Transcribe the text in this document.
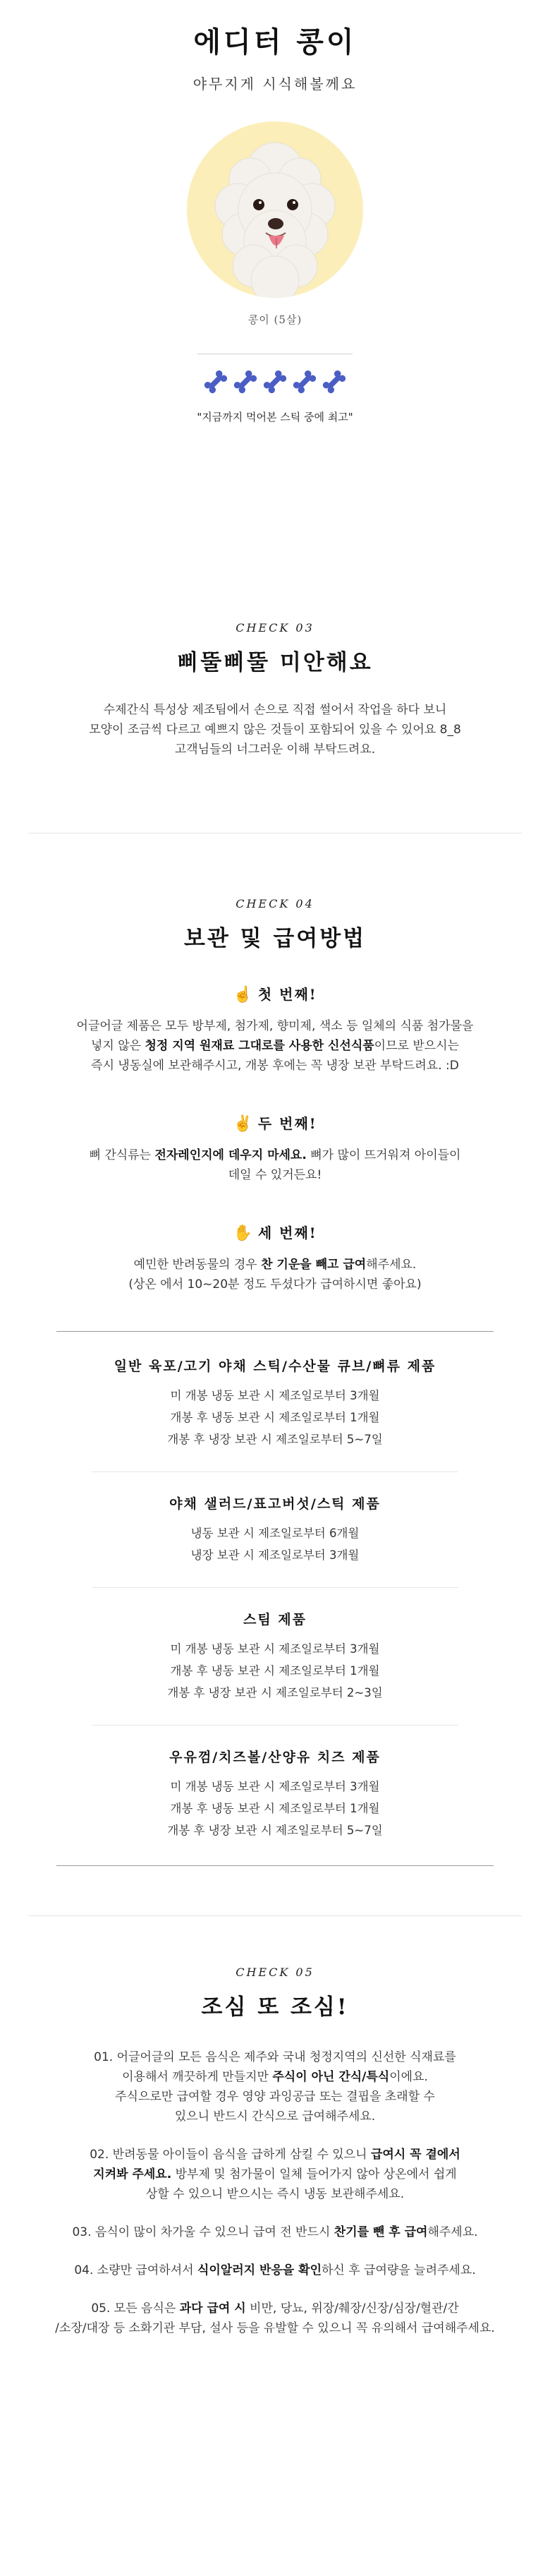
에디터 콩이

야무지게 시식해볼께요

콩이 (5살)

"지금까지 먹어본 스틱 중에 최고"

CHECK 03

삐뚤삐뚤 미안해요

수제간식 특성상 제조팀에서 손으로 직접 썰어서 작업을 하다 보니

모양이 조금씩 다르고 예쁘지 않은 것들이 포함되어 있을 수 있어요 8_8

고객님들의 너그러운 이해 부탁드려요.

CHECK 04

보관 및 급여방법

☝ 첫 번째!

어글어글 제품은 모두 방부제, 첨가제, 향미제, 색소 등 일체의 식품 첨가물을

넣지 않은 청정 지역 원재료 그대로를 사용한 신선식품이므로 받으시는

즉시 냉동실에 보관해주시고, 개봉 후에는 꼭 냉장 보관 부탁드려요. :D

✌ 두 번째!

뼈 간식류는 전자레인지에 데우지 마세요. 뼈가 많이 뜨거워져 아이들이

데일 수 있거든요!

✋ 세 번째!

예민한 반려동물의 경우 찬 기운을 빼고 급여해주세요.

(상온 에서 10~20분 정도 두셨다가 급여하시면 좋아요)

일반 육포/고기 야채 스틱/수산물 큐브/뼈류 제품

미 개봉 냉동 보관 시 제조일로부터 3개월

개봉 후 냉동 보관 시 제조일로부터 1개월

개봉 후 냉장 보관 시 제조일로부터 5~7일

야채 샐러드/표고버섯/스틱 제품

냉동 보관 시 제조일로부터 6개월

냉장 보관 시 제조일로부터 3개월

스팀 제품

미 개봉 냉동 보관 시 제조일로부터 3개월

개봉 후 냉동 보관 시 제조일로부터 1개월

개봉 후 냉장 보관 시 제조일로부터 2~3일

우유껌/치즈볼/산양유 치즈 제품

미 개봉 냉동 보관 시 제조일로부터 3개월

개봉 후 냉동 보관 시 제조일로부터 1개월

개봉 후 냉장 보관 시 제조일로부터 5~7일

CHECK 05

조심 또 조심!

01. 어글어글의 모든 음식은 제주와 국내 청정지역의 신선한 식재료를

이용해서 깨끗하게 만들지만 주식이 아닌 간식/특식이에요.

주식으로만 급여할 경우 영양 과잉공급 또는 결핍을 초래할 수

있으니 반드시 간식으로 급여해주세요.

02. 반려동물 아이들이 음식을 급하게 삼킬 수 있으니 급여시 꼭 곁에서

지켜봐 주세요. 방부제 및 첨가물이 일체 들어가지 않아 상온에서 쉽게

상할 수 있으니 받으시는 즉시 냉동 보관해주세요.

03. 음식이 많이 차가울 수 있으니 급여 전 반드시 찬기를 뺀 후 급여해주세요.

04. 소량만 급여하셔서 식이알러지 반응을 확인하신 후 급여량을 늘려주세요.

05. 모든 음식은 과다 급여 시 비만, 당뇨, 위장/췌장/신장/심장/혈관/간

/소장/대장 등 소화기관 부담, 설사 등을 유발할 수 있으니 꼭 유의해서 급여해주세요.
